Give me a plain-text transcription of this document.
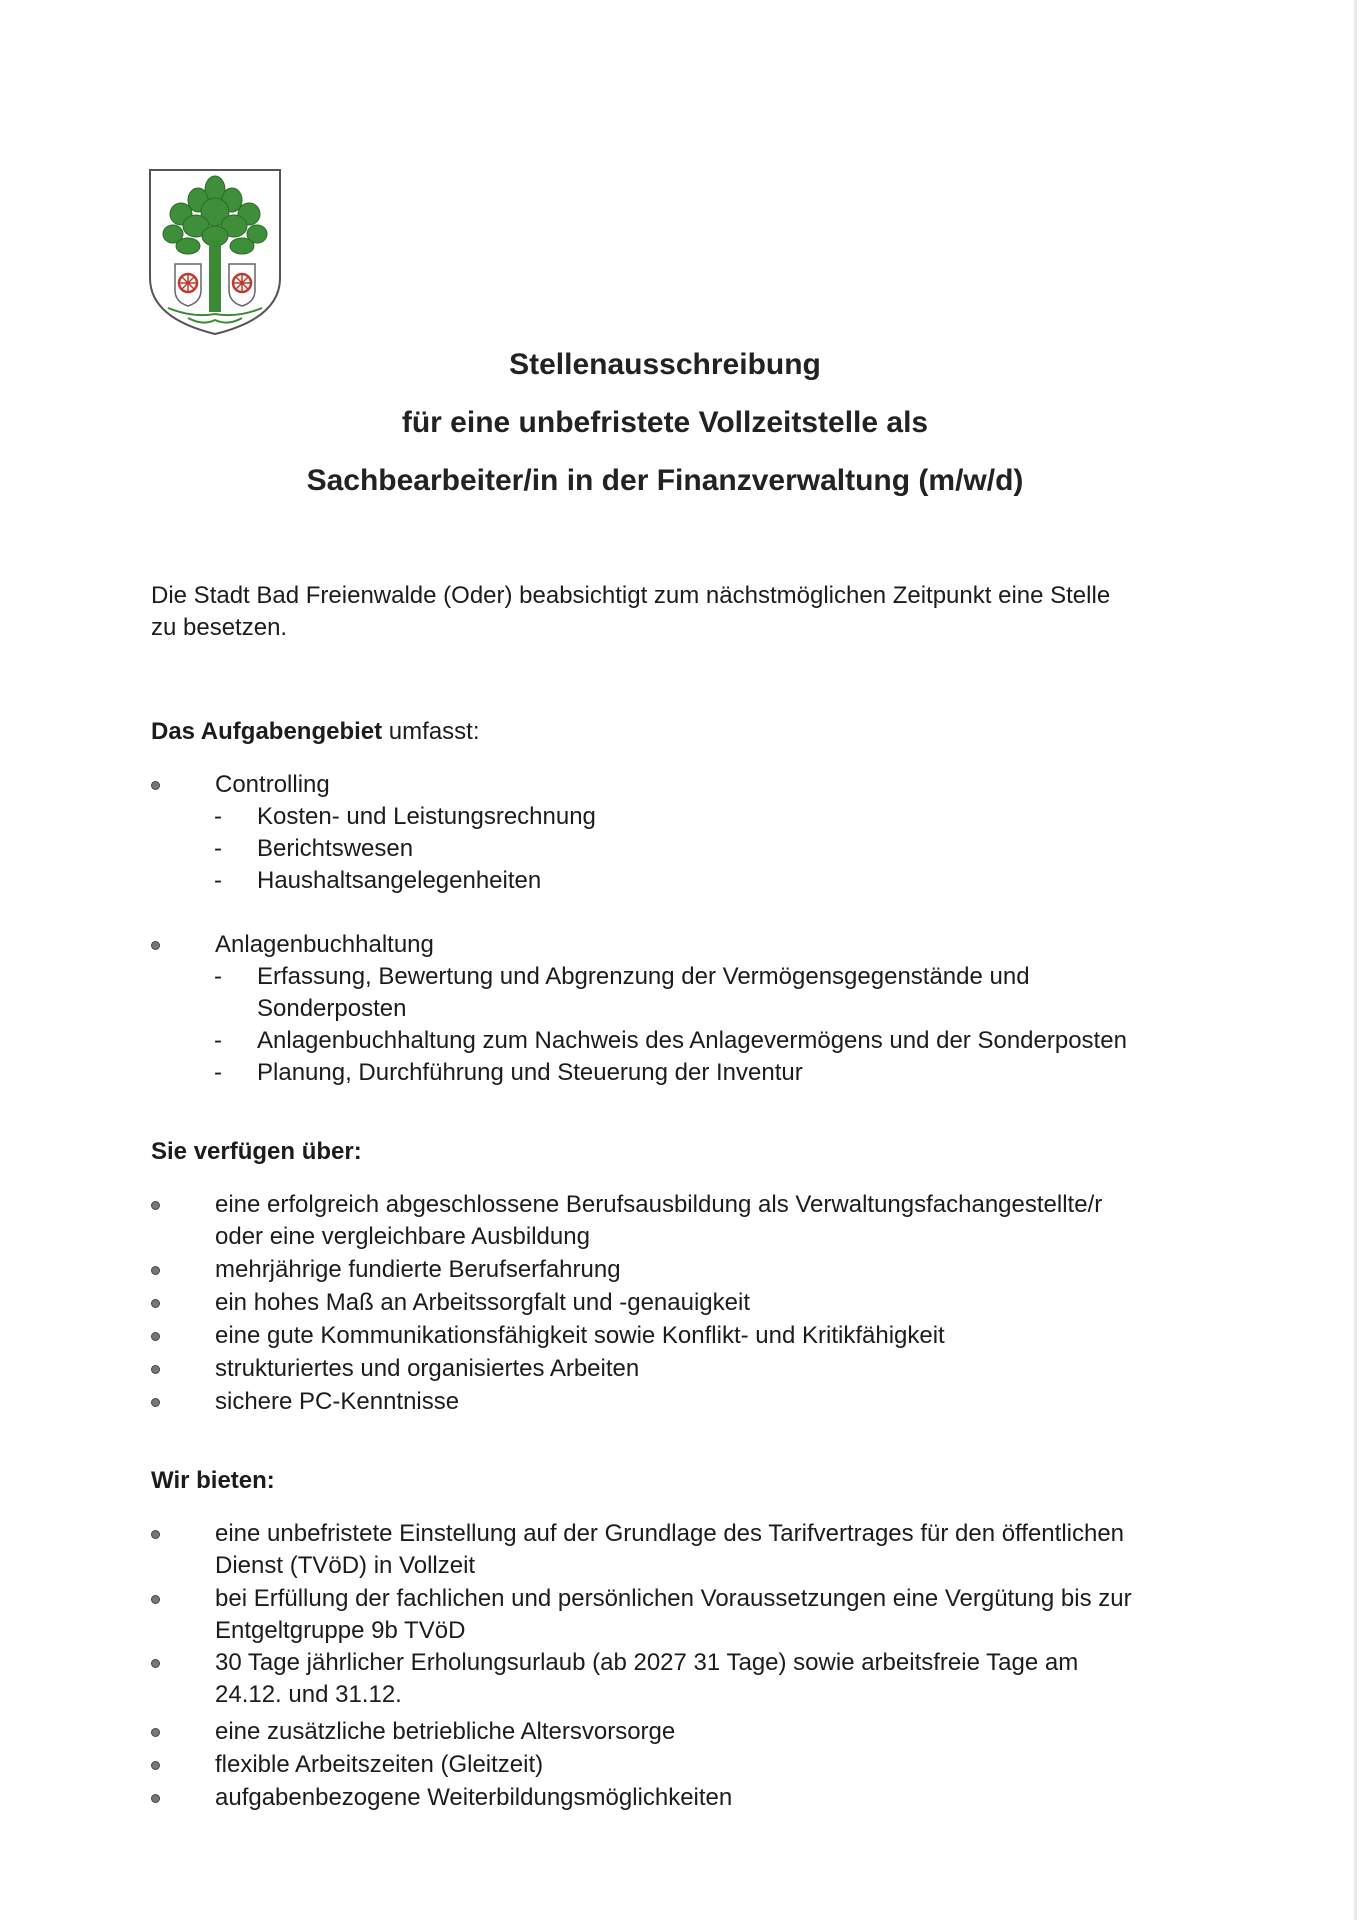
Stellenausschreibung
für eine unbefristete Vollzeitstelle als
Sachbearbeiter/in in der Finanzverwaltung (m/w/d)
Die Stadt Bad Freienwalde (Oder) beabsichtigt zum nächstmöglichen Zeitpunkt eine Stelle
zu besetzen.
Das Aufgabengebiet umfasst:
Controlling
- Kosten- und Leistungsrechnung
- Berichtswesen
- Haushaltsangelegenheiten
Anlagenbuchhaltung
- Erfassung, Bewertung und Abgrenzung der Vermögensgegenstände und
Sonderposten
- Anlagenbuchhaltung zum Nachweis des Anlagevermögens und der Sonderposten
- Planung, Durchführung und Steuerung der Inventur
Sie verfügen über:
eine erfolgreich abgeschlossene Berufsausbildung als Verwaltungsfachangestellte/r
oder eine vergleichbare Ausbildung
mehrjährige fundierte Berufserfahrung
ein hohes Maß an Arbeitssorgfalt und -genauigkeit
eine gute Kommunikationsfähigkeit sowie Konflikt- und Kritikfähigkeit
strukturiertes und organisiertes Arbeiten
sichere PC-Kenntnisse
Wir bieten:
eine unbefristete Einstellung auf der Grundlage des Tarifvertrages für den öffentlichen
Dienst (TVöD) in Vollzeit
bei Erfüllung der fachlichen und persönlichen Voraussetzungen eine Vergütung bis zur
Entgeltgruppe 9b TVöD
30 Tage jährlicher Erholungsurlaub (ab 2027 31 Tage) sowie arbeitsfreie Tage am
24.12. und 31.12.
eine zusätzliche betriebliche Altersvorsorge
flexible Arbeitszeiten (Gleitzeit)
aufgabenbezogene Weiterbildungsmöglichkeiten
